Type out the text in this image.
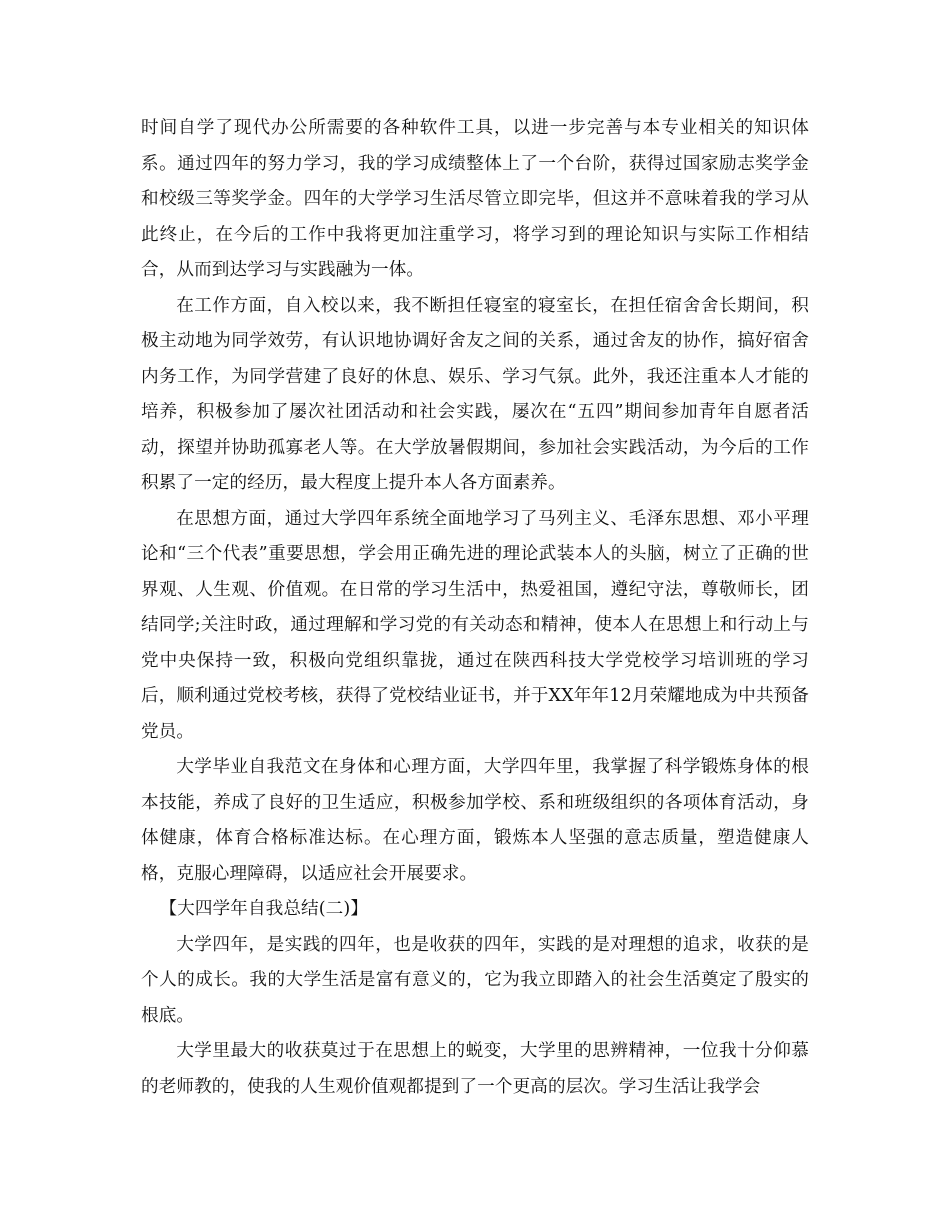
时间自学了现代办公所需要的各种软件工具，以进一步完善与本专业相关的知识体系。通过四年的努力学习，我的学习成绩整体上了一个台阶，获得过国家励志奖学金和校级三等奖学金。四年的大学学习生活尽管立即完毕，但这并不意味着我的学习从此终止，在今后的工作中我将更加注重学习，将学习到的理论知识与实际工作相结合，从而到达学习与实践融为一体。

在工作方面，自入校以来，我不断担任寝室的寝室长，在担任宿舍舍长期间，积极主动地为同学效劳，有认识地协调好舍友之间的关系，通过舍友的协作，搞好宿舍内务工作，为同学营建了良好的休息、娱乐、学习气氛。此外，我还注重本人才能的培养，积极参加了屡次社团活动和社会实践，屡次在“五四”期间参加青年自愿者活动，探望并协助孤寡老人等。在大学放暑假期间，参加社会实践活动，为今后的工作积累了一定的经历，最大程度上提升本人各方面素养。

在思想方面，通过大学四年系统全面地学习了马列主义、毛泽东思想、邓小平理论和“三个代表”重要思想，学会用正确先进的理论武装本人的头脑，树立了正确的世界观、人生观、价值观。在日常的学习生活中，热爱祖国，遵纪守法，尊敬师长，团结同学;关注时政，通过理解和学习党的有关动态和精神，使本人在思想上和行动上与党中央保持一致，积极向党组织靠拢，通过在陕西科技大学党校学习培训班的学习后，顺利通过党校考核，获得了党校结业证书，并于XX年年12月荣耀地成为中共预备党员。

大学毕业自我范文在身体和心理方面，大学四年里，我掌握了科学锻炼身体的根本技能，养成了良好的卫生适应，积极参加学校、系和班级组织的各项体育活动，身体健康，体育合格标准达标。在心理方面，锻炼本人坚强的意志质量，塑造健康人格，克服心理障碍，以适应社会开展要求。

【大四学年自我总结(二)】

大学四年，是实践的四年，也是收获的四年，实践的是对理想的追求，收获的是个人的成长。我的大学生活是富有意义的，它为我立即踏入的社会生活奠定了殷实的根底。

大学里最大的收获莫过于在思想上的蜕变，大学里的思辨精神，一位我十分仰慕的老师教的，使我的人生观价值观都提到了一个更高的层次。学习生活让我学会
